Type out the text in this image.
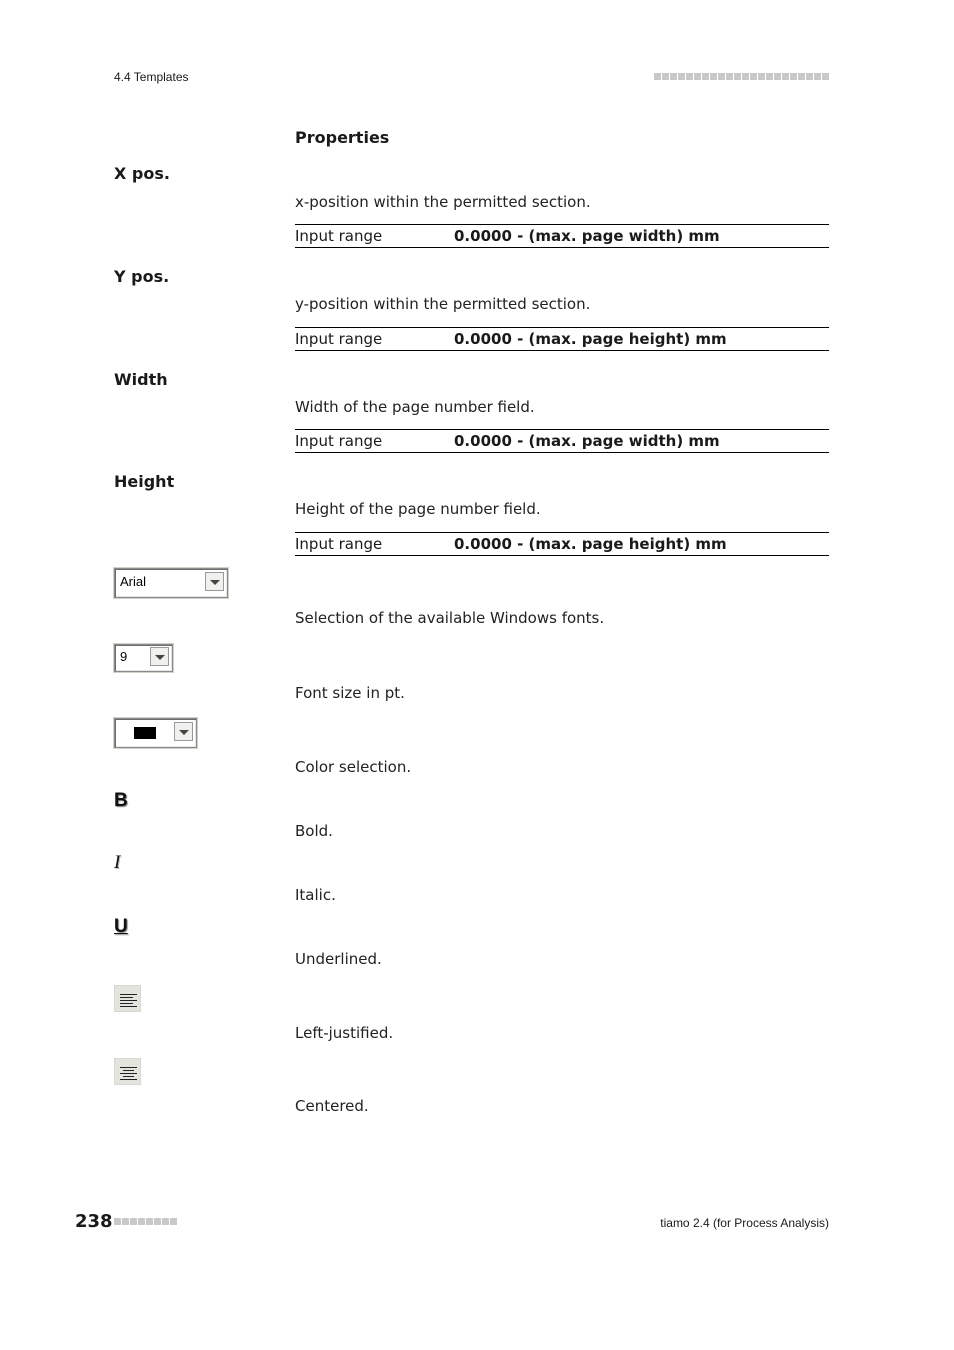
4.4 Templates
Properties
X pos.
x-position within the permitted section.
Input range	0.0000 - (max. page width) mm
Y pos.
y-position within the permitted section.
Input range	0.0000 - (max. page height) mm
Width
Width of the page number field.
Input range	0.0000 - (max. page width) mm
Height
Height of the page number field.
Input range	0.0000 - (max. page height) mm
Arial
Selection of the available Windows fonts.
9
Font size in pt.
Color selection.
B
Bold.
I
Italic.
U
Underlined.
Left-justified.
Centered.
238	tiamo 2.4 (for Process Analysis)
